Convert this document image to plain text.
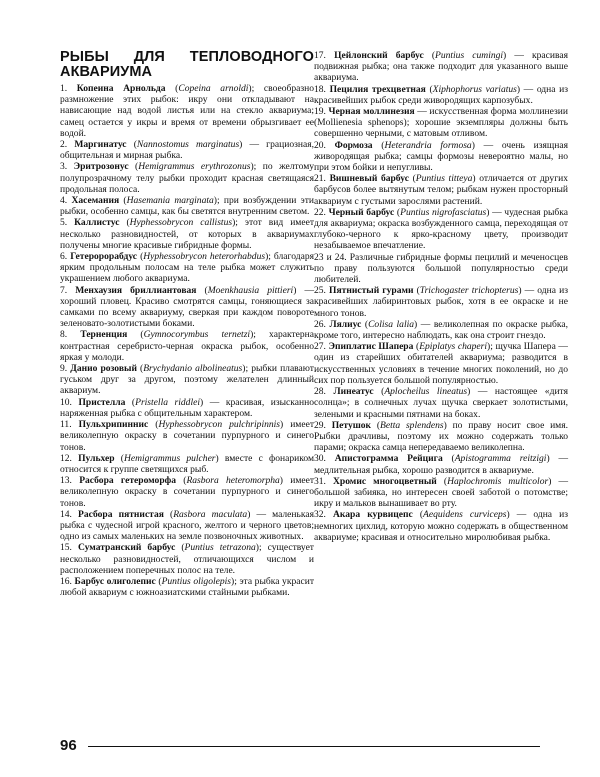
РЫБЫ ДЛЯ ТЕПЛОВОДНОГО АКВАРИУМА
1. Копеина Арнольда (Copeina arnoldi); своеобразно размножение этих рыбок: икру они откладывают на нависающие над водой листья или на стекло аквариума; самец остается у икры и время от времени обрызгивает ее водой.
2. Маргинатус (Nannostomus marginatus) — грациозная, общительная и мирная рыбка.
3. Эритрозонус (Hemigrammus erythrozonus); по желтому полупрозрачному телу рыбки проходит красная светящаяся продольная полоса.
4. Хасемания (Hasemania marginata); при возбуждении эти рыбки, особенно самцы, как бы светятся внутренним светом.
5. Каллистус (Hyphessobrycon callistus); этот вид имеет несколько разновидностей, от которых в аквариумах получены многие красивые гибридные формы.
6. Гетеророрабдус (Hyphessobrycon heterorhabdus); благодаря ярким продольным полосам на теле рыбка может служить украшением любого аквариума.
7. Менхаузия бриллиантовая (Moenkhausia pittieri) — хороший пловец. Красиво смотрятся самцы, гоняющиеся за самками по всему аквариуму, сверкая при каждом повороте зеленовато-золотистыми боками.
8. Терненция (Gymnocorymbus ternetzi); характерна контрастная серебристо-черная окраска рыбок, особенно яркая у молоди.
9. Данио розовый (Brychydanio albolineatus); рыбки плавают гуськом друг за другом, поэтому желателен длинный аквариум.
10. Пристелла (Pristella riddlei) — красивая, изысканно наряженная рыбка с общительным характером.
11. Пульхрипиннис (Hyphessobrycon pulchripinnis) имеет великолепную окраску в сочетании пурпурного и синего тонов.
12. Пульхер (Hemigrammus pulcher) вместе с фонариком относится к группе светящихся рыб.
13. Расбора гетероморфа (Rasbora heteromorpha) имеет великолепную окраску в сочетании пурпурного и синего тонов.
14. Расбора пятнистая (Rasbora maculata) — маленькая рыбка с чудесной игрой красного, желтого и черного цветов; одно из самых маленьких на земле позвоночных животных.
15. Суматранский барбус (Puntius tetrazona); существует несколько разновидностей, отличающихся числом и расположением поперечных полос на теле.
16. Барбус олиголепис (Puntius oligolepis); эта рыбка украсит любой аквариум с южноазиатскими стайными рыбками.
17. Цейлонский барбус (Puntius cumingi) — красивая подвижная рыбка; она также подходит для указанного выше аквариума.
18. Пецилия трехцветная (Xiphophorus variatus) — одна из красивейших рыбок среди живородящих карпозубых.
19. Черная моллинезия — искусственная форма моллинезии (Mollienesia sphenops); хорошие экземпляры должны быть совершенно черными, с матовым отливом.
20. Формоза (Heterandria formosa) — очень изящная живородящая рыбка; самцы формозы невероятно малы, но при этом бойки и непугливы.
21. Вишневый барбус (Puntius titteya) отличается от других барбусов более вытянутым телом; рыбкам нужен просторный аквариум с густыми зарослями растений.
22. Черный барбус (Puntius nigrofasciatus) — чудесная рыбка для аквариума; окраска возбужденного самца, переходящая от глубоко-черного к ярко-красному цвету, производит незабываемое впечатление.
23 и 24. Различные гибридные формы пецилий и меченосцев по праву пользуются большой популярностью среди любителей.
25. Пятнистый гурами (Trichogaster trichopterus) — одна из красивейших лабиринтовых рыбок, хотя в ее окраске и не много тонов.
26. Лялиус (Colisa lalia) — великолепная по окраске рыбка, кроме того, интересно наблюдать, как она строит гнездо.
27. Эпиплатис Шапера (Epiplatys chaperi); щучка Шапера — один из старейших обитателей аквариума; разводится в искусственных условиях в течение многих поколений, но до сих пор пользуется большой популярностью.
28. Линеатус (Aplocheilus lineatus) — настоящее «дитя солнца»; в солнечных лучах щучка сверкает золотистыми, зелеными и красными пятнами на боках.
29. Петушок (Betta splendens) по праву носит свое имя. Рыбки драчливы, поэтому их можно содержать только парами; окраска самца непередаваемо великолепна.
30. Апистограмма Рейцига (Apistogramma reitzigi) — медлительная рыбка, хорошо разводится в аквариуме.
31. Хромис многоцветный (Haplochromis multicolor) — большой забияка, но интересен своей заботой о потомстве; икру и мальков вынашивает во рту.
32. Акара курвицепс (Aequidens curviceps) — одна из немногих цихлид, которую можно содержать в общественном аквариуме; красивая и относительно миролюбивая рыбка.
96
